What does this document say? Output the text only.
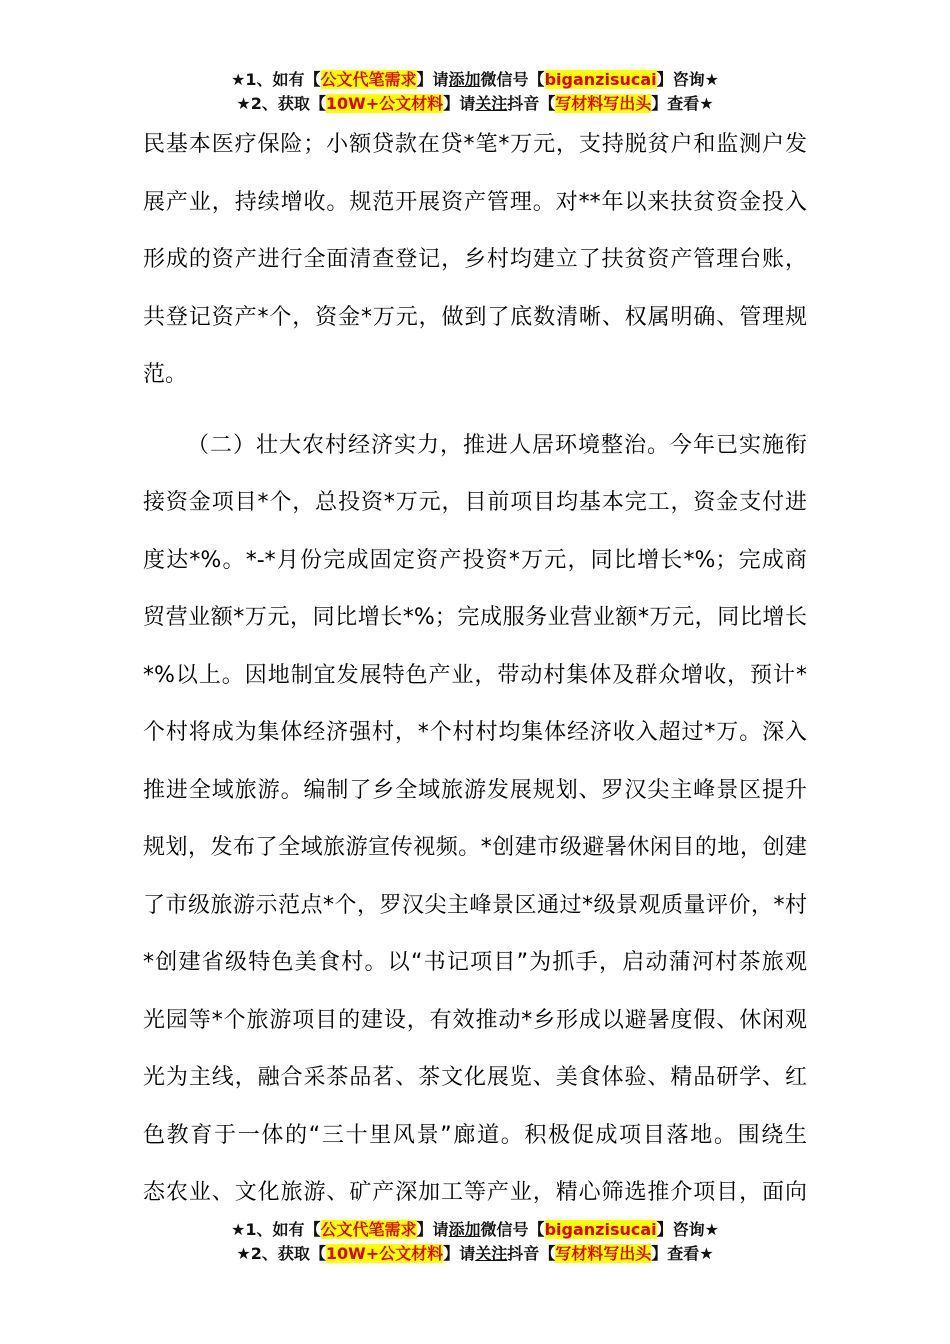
★1、如有【公文代笔需求】请添加微信号【biganzisucai】咨询★
★2、获取【10W+公文材料】请关注抖音【写材料写出头】查看★
民基本医疗保险；小额贷款在贷*笔*万元，支持脱贫户和监测户发
展产业，持续增收。规范开展资产管理。对**年以来扶贫资金投入
形成的资产进行全面清查登记，乡村均建立了扶贫资产管理台账，
共登记资产*个，资金*万元，做到了底数清晰、权属明确、管理规
范。
（二）壮大农村经济实力，推进人居环境整治。今年已实施衔
接资金项目*个，总投资*万元，目前项目均基本完工，资金支付进
度达*%。*-*月份完成固定资产投资*万元，同比增长*%；完成商
贸营业额*万元，同比增长*%；完成服务业营业额*万元，同比增长
*%以上。因地制宜发展特色产业，带动村集体及群众增收，预计*
个村将成为集体经济强村，*个村村均集体经济收入超过*万。深入
推进全域旅游。编制了乡全域旅游发展规划、罗汉尖主峰景区提升
规划，发布了全域旅游宣传视频。*创建市级避暑休闲目的地，创建
了市级旅游示范点*个，罗汉尖主峰景区通过*级景观质量评价，*村
*创建省级特色美食村。以“书记项目”为抓手，启动蒲河村茶旅观
光园等*个旅游项目的建设，有效推动*乡形成以避暑度假、休闲观
光为主线，融合采茶品茗、茶文化展览、美食体验、精品研学、红
色教育于一体的“三十里风景”廊道。积极促成项目落地。围绕生
态农业、文化旅游、矿产深加工等产业，精心筛选推介项目，面向
★1、如有【公文代笔需求】请添加微信号【biganzisucai】咨询★
★2、获取【10W+公文材料】请关注抖音【写材料写出头】查看★
